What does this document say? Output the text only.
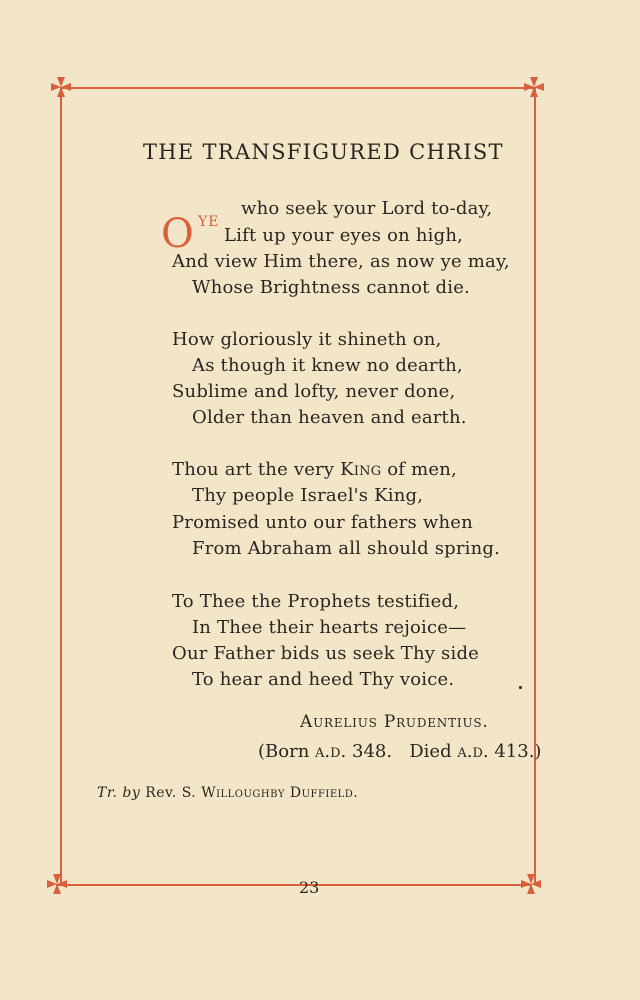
THE TRANSFIGURED CHRIST
O YE
who seek your Lord to-day,
Lift up your eyes on high,
And view Him there, as now ye may,
Whose Brightness cannot die.
How gloriously it shineth on,
As though it knew no dearth,
Sublime and lofty, never done,
Older than heaven and earth.
Thou art the very King of men,
Thy people Israel's King,
Promised unto our fathers when
From Abraham all should spring.
To Thee the Prophets testified,
In Thee their hearts rejoice—
Our Father bids us seek Thy side
To hear and heed Thy voice.
Aurelius Prudentius.
(Born a.d. 348.   Died a.d. 413.)
Tr. by Rev. S. Willoughby Duffield.
23
